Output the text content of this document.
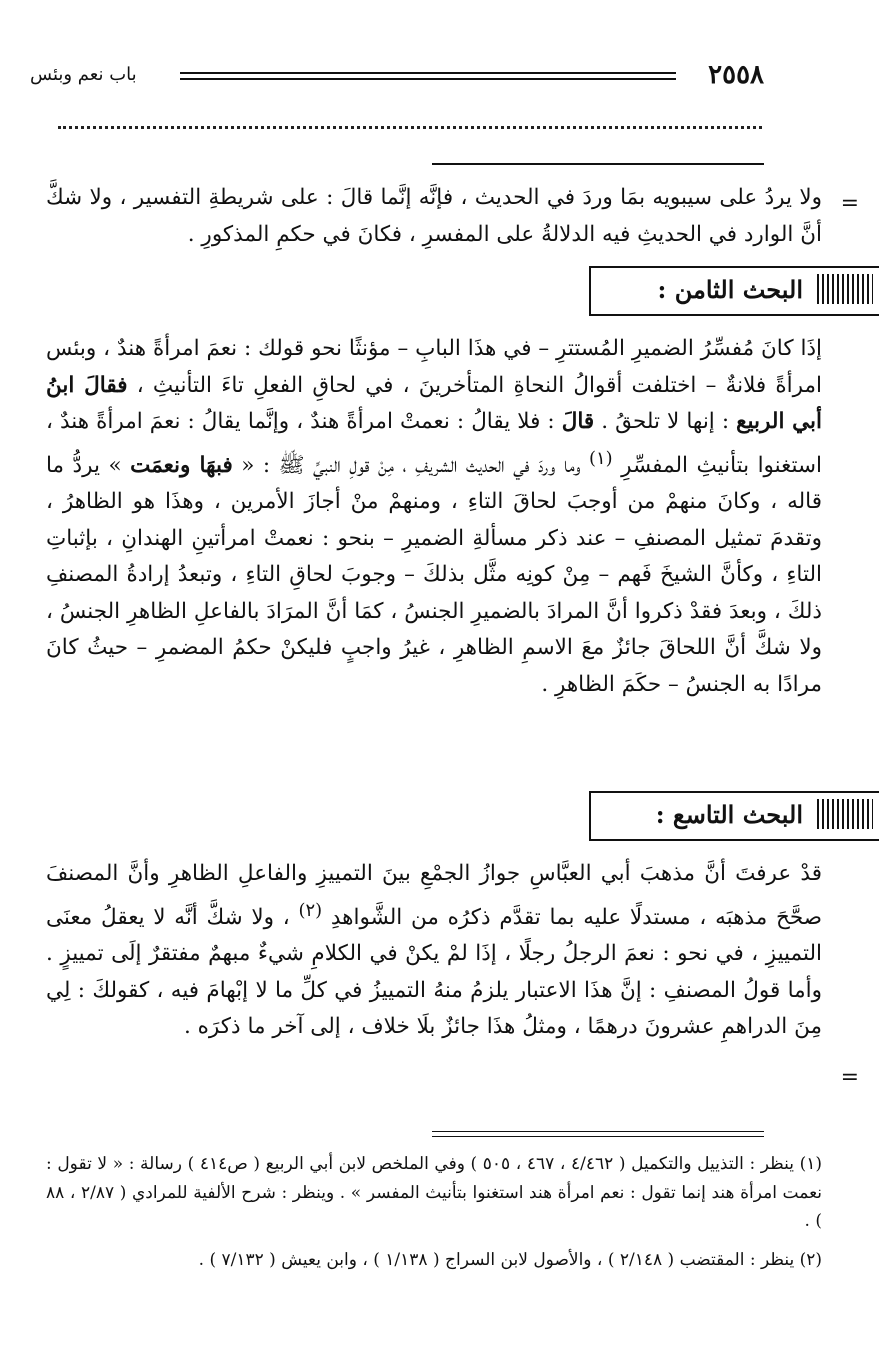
٢٥٥٨
باب نعم وبئس
=

ولا يردُ على سيبويه بمَا وردَ في الحديث ، فإنَّه إنَّما قالَ : على شريطةِ التفسير ، ولا شكَّ أنَّ الوارد في الحديثِ فيه الدلالةُ على المفسرِ ، فكانَ في حكمِ المذكورِ .

البحث الثامن :

إذَا كانَ مُفسِّرُ الضميرِ المُستترِ – في هذَا البابِ – مؤنثًا نحو قولك : نعمَ امرأةً هندٌ ، وبئس امرأةً فلانةٌ – اختلفت أقوالُ النحاةِ المتأخرينَ ، في لحاقِ الفعلِ تاءَ التأنيثِ ، فقالَ ابنُ أبي الربيع : إنها لا تلحقُ . قالَ : فلا يقالُ : نعمتْ امرأةً هندٌ ، وإنَّما يقالُ : نعمَ امرأةً هندٌ ، استغنوا بتأنيثِ المفسِّرِ $^{(١)}$ وما وردَ في الحديث الشريفِ ، مِنْ قولِ النبيِّ ﷺ : « فبهَا ونعمَت » يردُّ ما قاله ، وكانَ منهمْ من أوجبَ لحاقَ التاءِ ، ومنهمْ منْ أجازَ الأمرين ، وهذَا هو الظاهرُ ، وتقدمَ تمثيل المصنفِ – عند ذكر مسألةِ الضميرِ – بنحو : نعمتْ امرأتينِ الهندانِ ، بإثباتِ التاءِ ، وكأنَّ الشيخَ فَهم – مِنْ كونِه مثَّل بذلكَ – وجوبَ لحاقِ التاءِ ، وتبعدُ إرادةُ المصنفِ ذلكَ ، وبعدَ فقدْ ذكروا أنَّ المرادَ بالضميرِ الجنسُ ، كمَا أنَّ المرَادَ بالفاعلِ الظاهرِ الجنسُ ، ولا شكَّ أنَّ اللحاقَ جائزٌ معَ الاسمِ الظاهرِ ، غيرُ واجبٍ فليكنْ حكمُ المضمرِ – حيثُ كانَ مرادًا به الجنسُ – حكَمَ الظاهرِ .

البحث التاسع :

قدْ عرفتَ أنَّ مذهبَ أبي العبَّاسِ جوازُ الجمْعِ بينَ التمييزِ والفاعلِ الظاهرِ وأنَّ المصنفَ صحَّحَ مذهبَه ، مستدلًا عليه بما تقدَّم ذكرُه من الشَّواهدِ $^{(٢)}$ ، ولا شكَّ أنَّه لا يعقلُ معنَى التمييزِ ، في نحو : نعمَ الرجلُ رجلًا ، إذَا لمْ يكنْ في الكلامِ شيءٌ مبهمٌ مفتقرٌ إلَى تمييزٍ . وأما قولُ المصنفِ : إنَّ هذَا الاعتبار يلزمُ منهُ التمييزُ في كلِّ ما لا إبْهامَ فيه ، كقولكَ : لِي مِنَ الدراهمِ عشرونَ درهمًا ، ومثلُ هذَا جائزٌ بلَا خلاف ، إلى آخر ما ذكرَه .

=

(١) ينظر : التذييل والتكميل ( ٤/٤٦٢ ، ٤٦٧ ، ٥٠٥ ) وفي الملخص لابن أبي الربيع ( ص٤١٤ ) رسالة : « لا تقول : نعمت امرأة هند إنما تقول : نعم امرأة هند استغنوا بتأنيث المفسر » . وينظر : شرح الألفية للمرادي ( ٢/٨٧ ، ٨٨ ) .

(٢) ينظر : المقتضب ( ٢/١٤٨ ) ، والأصول لابن السراج ( ١/١٣٨ ) ، وابن يعيش ( ٧/١٣٢ ) .
